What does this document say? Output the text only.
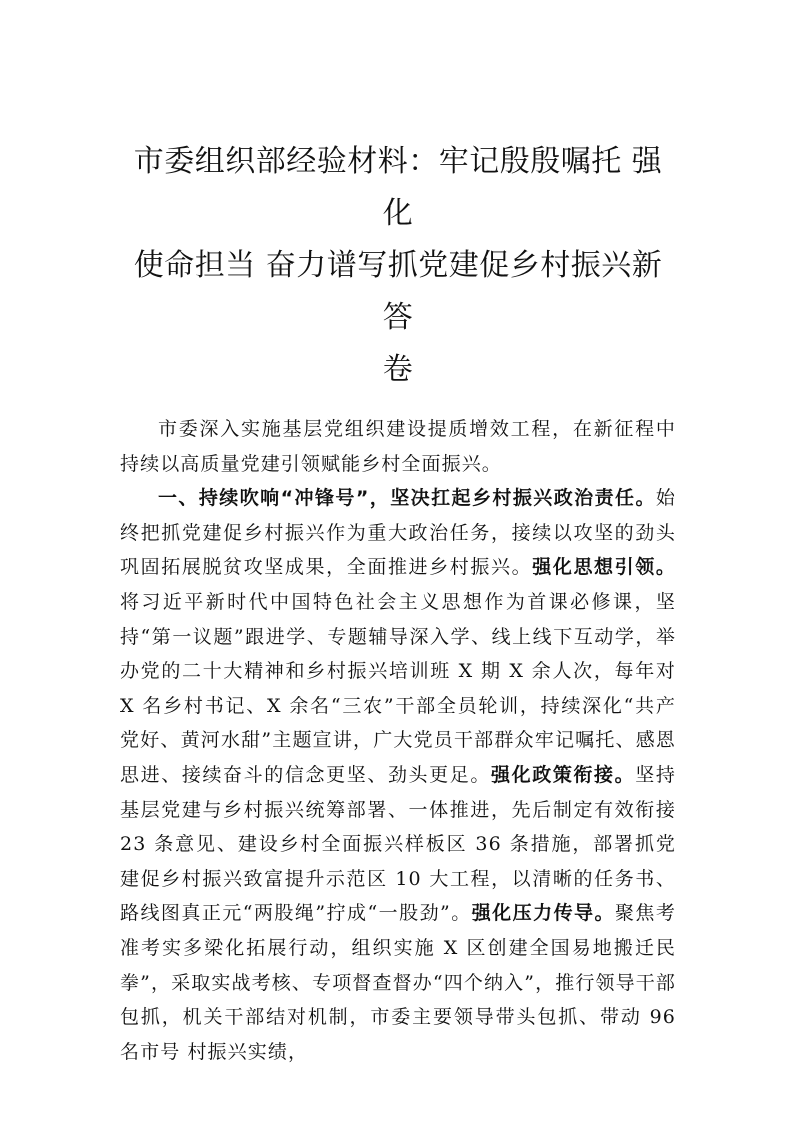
市委组织部经验材料：牢记殷殷嘱托 强化
使命担当 奋力谱写抓党建促乡村振兴新答
卷

市委深入实施基层党组织建设提质增效工程，在新征程中持续以高质量党建引领赋能乡村全面振兴。

一、持续吹响“冲锋号”，坚决扛起乡村振兴政治责任。始终把抓党建促乡村振兴作为重大政治任务，接续以攻坚的劲头巩固拓展脱贫攻坚成果，全面推进乡村振兴。强化思想引领。将习近平新时代中国特色社会主义思想作为首课必修课，坚持“第一议题”跟进学、专题辅导深入学、线上线下互动学，举办党的二十大精神和乡村振兴培训班 X 期 X 余人次，每年对 X 名乡村书记、X 余名“三农”干部全员轮训，持续深化“共产党好、黄河水甜”主题宣讲，广大党员干部群众牢记嘱托、感恩思进、接续奋斗的信念更坚、劲头更足。强化政策衔接。坚持基层党建与乡村振兴统筹部署、一体推进，先后制定有效衔接 23 条意见、建设乡村全面振兴样板区 36 条措施，部署抓党建促乡村振兴致富提升示范区 10 大工程，以清晰的任务书、路线图真正元“两股绳”拧成“一股劲”。强化压力传导。聚焦考准考实多梁化拓展行动，组织实施 X 区创建全国易地搬迁民拳”，采取实战考核、专项督查督办“四个纳入”，推行领导干部包抓，机关干部结对机制，市委主要领导带头包抓、带动 96 名市号 村振兴实绩，
